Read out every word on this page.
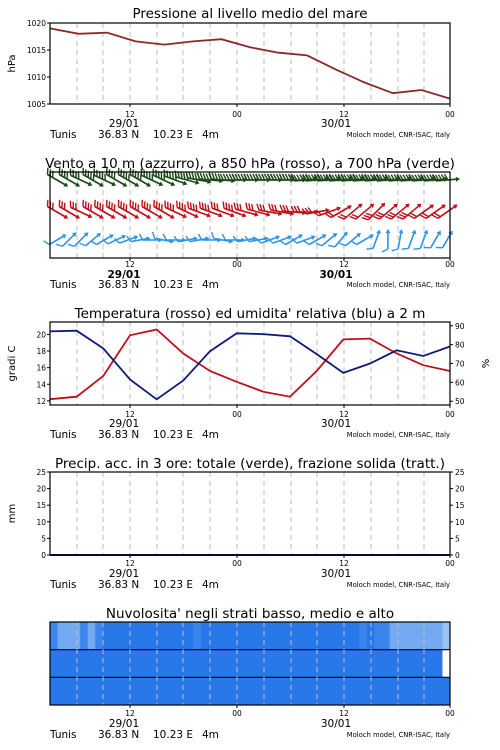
1005
1010
1015
1020
Pressione al livello medio del mare
hPa
12	00	12	00
29/01	30/01
Tunis 36.83 N 10.23 E 4m	Moloch model, CNR-ISAC, Italy
Vento a 10 m (azzurro), a 850 hPa (rosso), a 700 hPa (verde)
12	00	12	00
29/01	30/01
Tunis 36.83 N 10.23 E 4m	Moloch model, CNR-ISAC, Italy
12
14
16
18
20
50
60
70
80
90
Temperatura (rosso) ed umidita' relativa (blu) a 2 m
gradi C	%
12	00	12	00
29/01	30/01
Tunis 36.83 N 10.23 E 4m	Moloch model, CNR-ISAC, Italy
0	0
5	5
10	10
15	15
20	20
25	25
Precip. acc. in 3 ore: totale (verde), frazione solida (tratt.)
mm
12	00	12	00
29/01	30/01
Tunis 36.83 N 10.23 E 4m	Moloch model, CNR-ISAC, Italy
Nuvolosita' negli strati basso, medio e alto
12	00	12	00
29/01	30/01
Tunis 36.83 N 10.23 E 4m	Moloch model, CNR-ISAC, Italy
